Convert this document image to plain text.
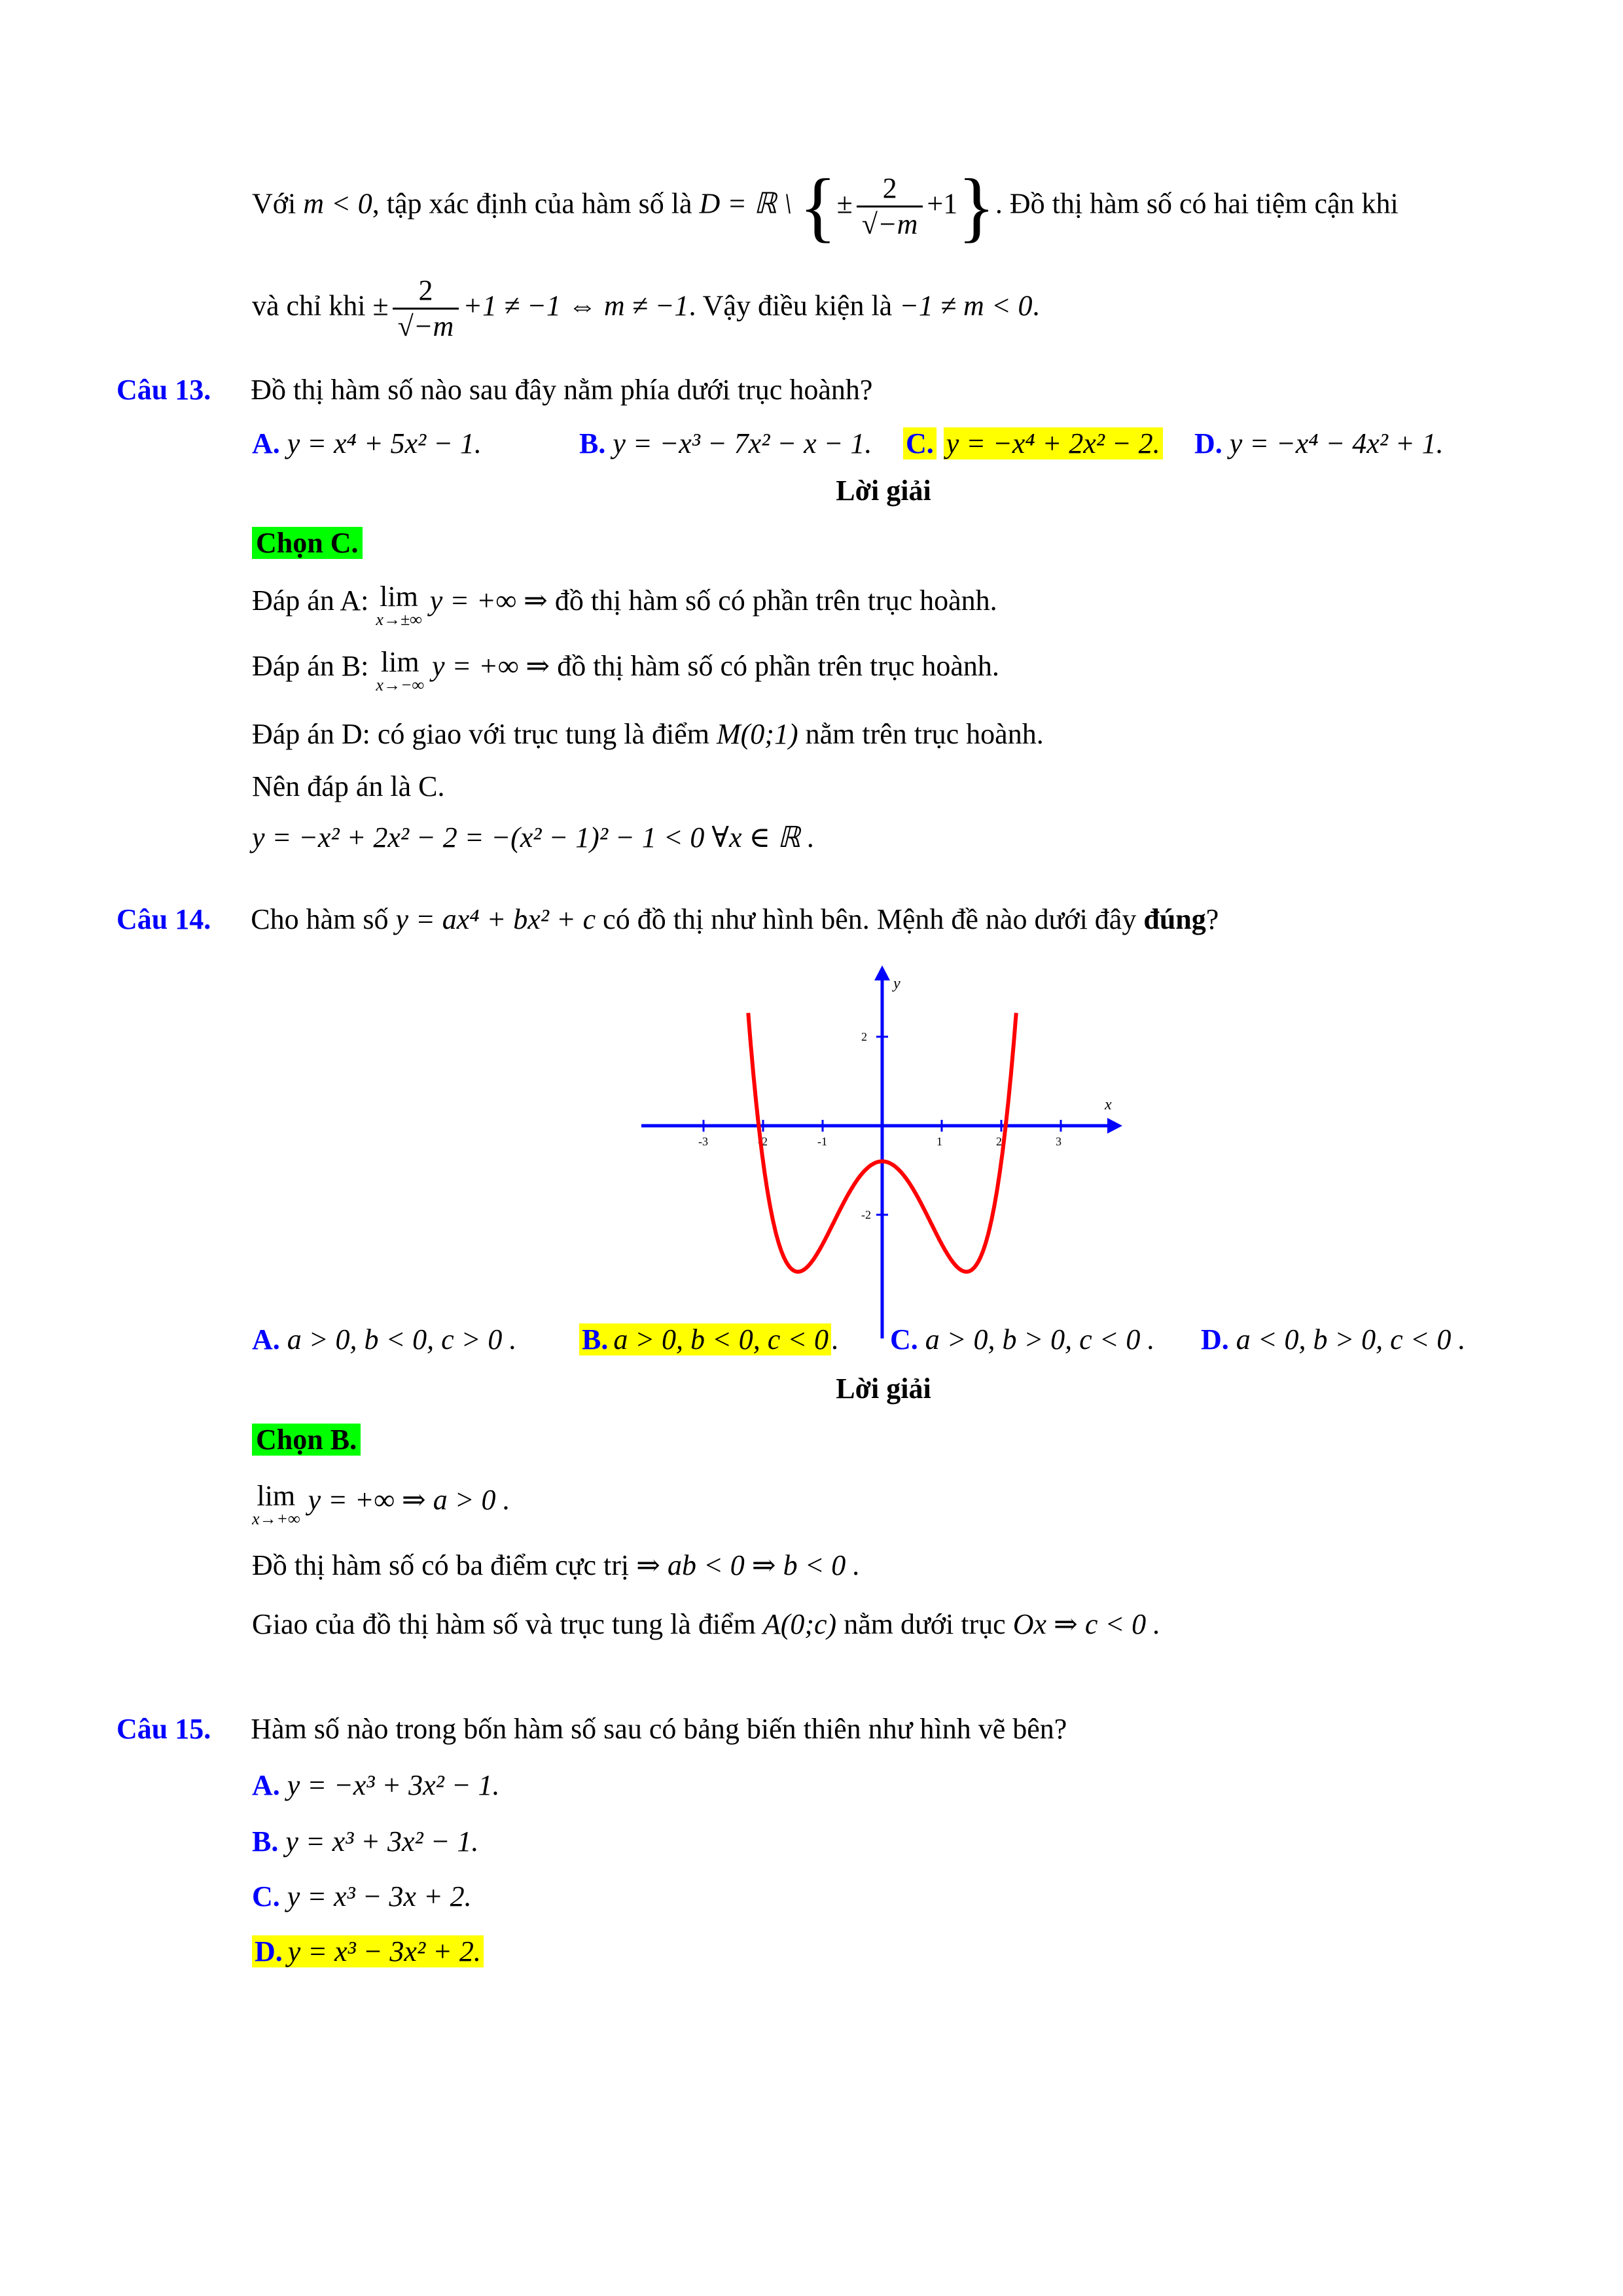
Với m < 0, tập xác định của hàm số là D = ℝ \ {± $\frac{2}{√-m} +1$}. Đồ thị hàm số có hai tiệm cận khi
và chỉ khi ± $\frac{2}{√-m} +1 \ne -1$ ⇔ m ≠ −1. Vậy điều kiện là −1 ≠ m < 0.
Câu 13. Đồ thị hàm số nào sau đây nằm phía dưới trục hoành?
A. y = x⁴ + 5x² − 1.	B. y = −x³ − 7x² − x − 1. C. y = −x⁴ + 2x² − 2. D. y = −x⁴ − 4x² + 1.
Lời giải
Chọn C.
Đáp án A: lim
x→±∞
y = +∞ ⇒ đồ thị hàm số có phần trên trục hoành.
Đáp án B: lim
x→−∞
y = +∞ ⇒ đồ thị hàm số có phần trên trục hoành.
Đáp án D: có giao với trục tung là điểm M(0;1) nằm trên trục hoành.
Nên đáp án là C.
y = −x² + 2x² − 2 = −(x² − 1)² − 1 < 0 ∀x ∈ ℝ .
Câu 14. Cho hàm số y = ax⁴ + bx² + c có đồ thị như hình bên. Mệnh đề nào dưới đây đúng?
x
y
-3	-2	-1	1	2	3
2
-2
A. a > 0, b < 0, c > 0 . B. a > 0, b < 0, c < 0. C. a > 0, b > 0, c < 0 . D. a < 0, b > 0, c < 0 .
Lời giải
Chọn B.
lim
x→+∞
y = +∞ ⇒ a > 0 .
Đồ thị hàm số có ba điểm cực trị ⇒ ab < 0 ⇒ b < 0 .
Giao của đồ thị hàm số và trục tung là điểm A(0;c) nằm dưới trục Ox ⇒ c < 0 .
Câu 15. Hàm số nào trong bốn hàm số sau có bảng biến thiên như hình vẽ bên?
A. y = −x³ + 3x² − 1.
B. y = x³ + 3x² − 1.
C. y = x³ − 3x + 2.
D. y = x³ − 3x² + 2.
